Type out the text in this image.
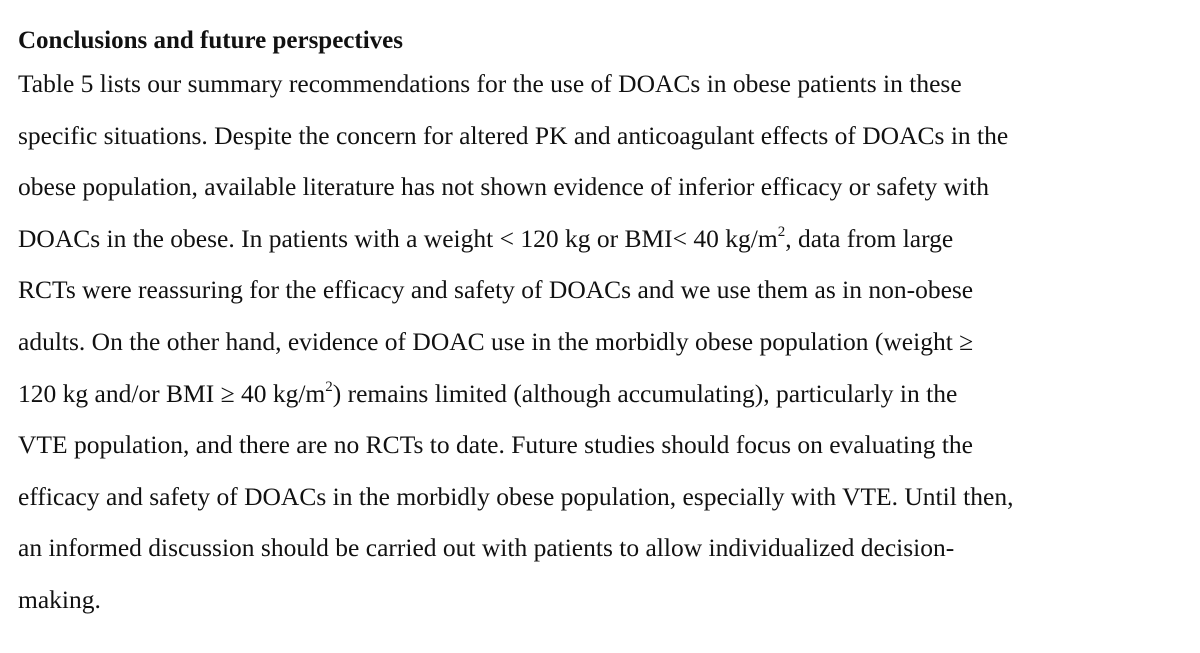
Conclusions and future perspectives
Table 5 lists our summary recommendations for the use of DOACs in obese patients in these
specific situations. Despite the concern for altered PK and anticoagulant effects of DOACs in the
obese population, available literature has not shown evidence of inferior efficacy or safety with
DOACs in the obese. In patients with a weight < 120 kg or BMI< 40 $kg/m^2$, data from large
RCTs were reassuring for the efficacy and safety of DOACs and we use them as in non-obese
adults. On the other hand, evidence of DOAC use in the morbidly obese population (weight ≥
120 kg and/or BMI ≥ 40 $kg/m^2$) remains limited (although accumulating), particularly in the
VTE population, and there are no RCTs to date. Future studies should focus on evaluating the
efficacy and safety of DOACs in the morbidly obese population, especially with VTE. Until then,
an informed discussion should be carried out with patients to allow individualized decision-
making.
